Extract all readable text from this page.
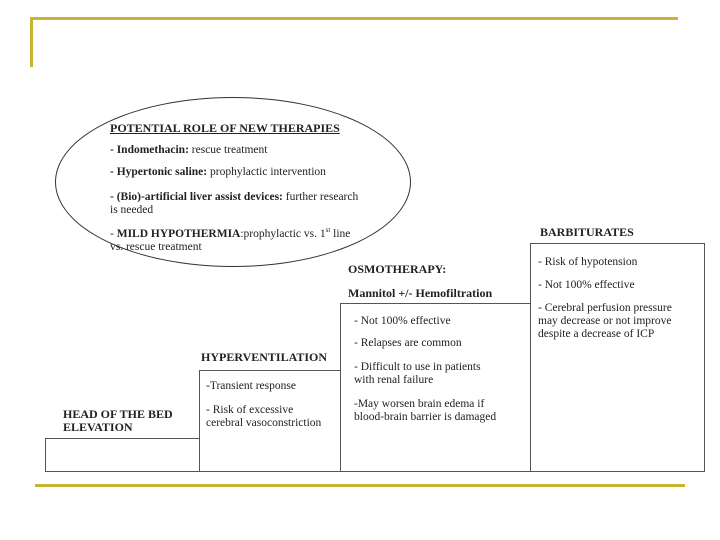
POTENTIAL ROLE OF NEW THERAPIES
- Indomethacin: rescue treatment
- Hypertonic saline: prophylactic intervention
- (Bio)-artificial liver assist devices: further research
is needed
- MILD HYPOTHERMIA:prophylactic vs. 1st line
vs. rescue treatment
HEAD OF THE BED
ELEVATION
HYPERVENTILATION
-Transient response
- Risk of excessive
cerebral vasoconstriction
OSMOTHERAPY:
Mannitol +/- Hemofiltration
- Not 100% effective
- Relapses are common
- Difficult to use in patients
with renal failure
-May worsen brain edema if
blood-brain barrier is damaged
BARBITURATES
- Risk of hypotension
- Not 100% effective
- Cerebral perfusion pressure
may decrease or not improve
despite a decrease of ICP
